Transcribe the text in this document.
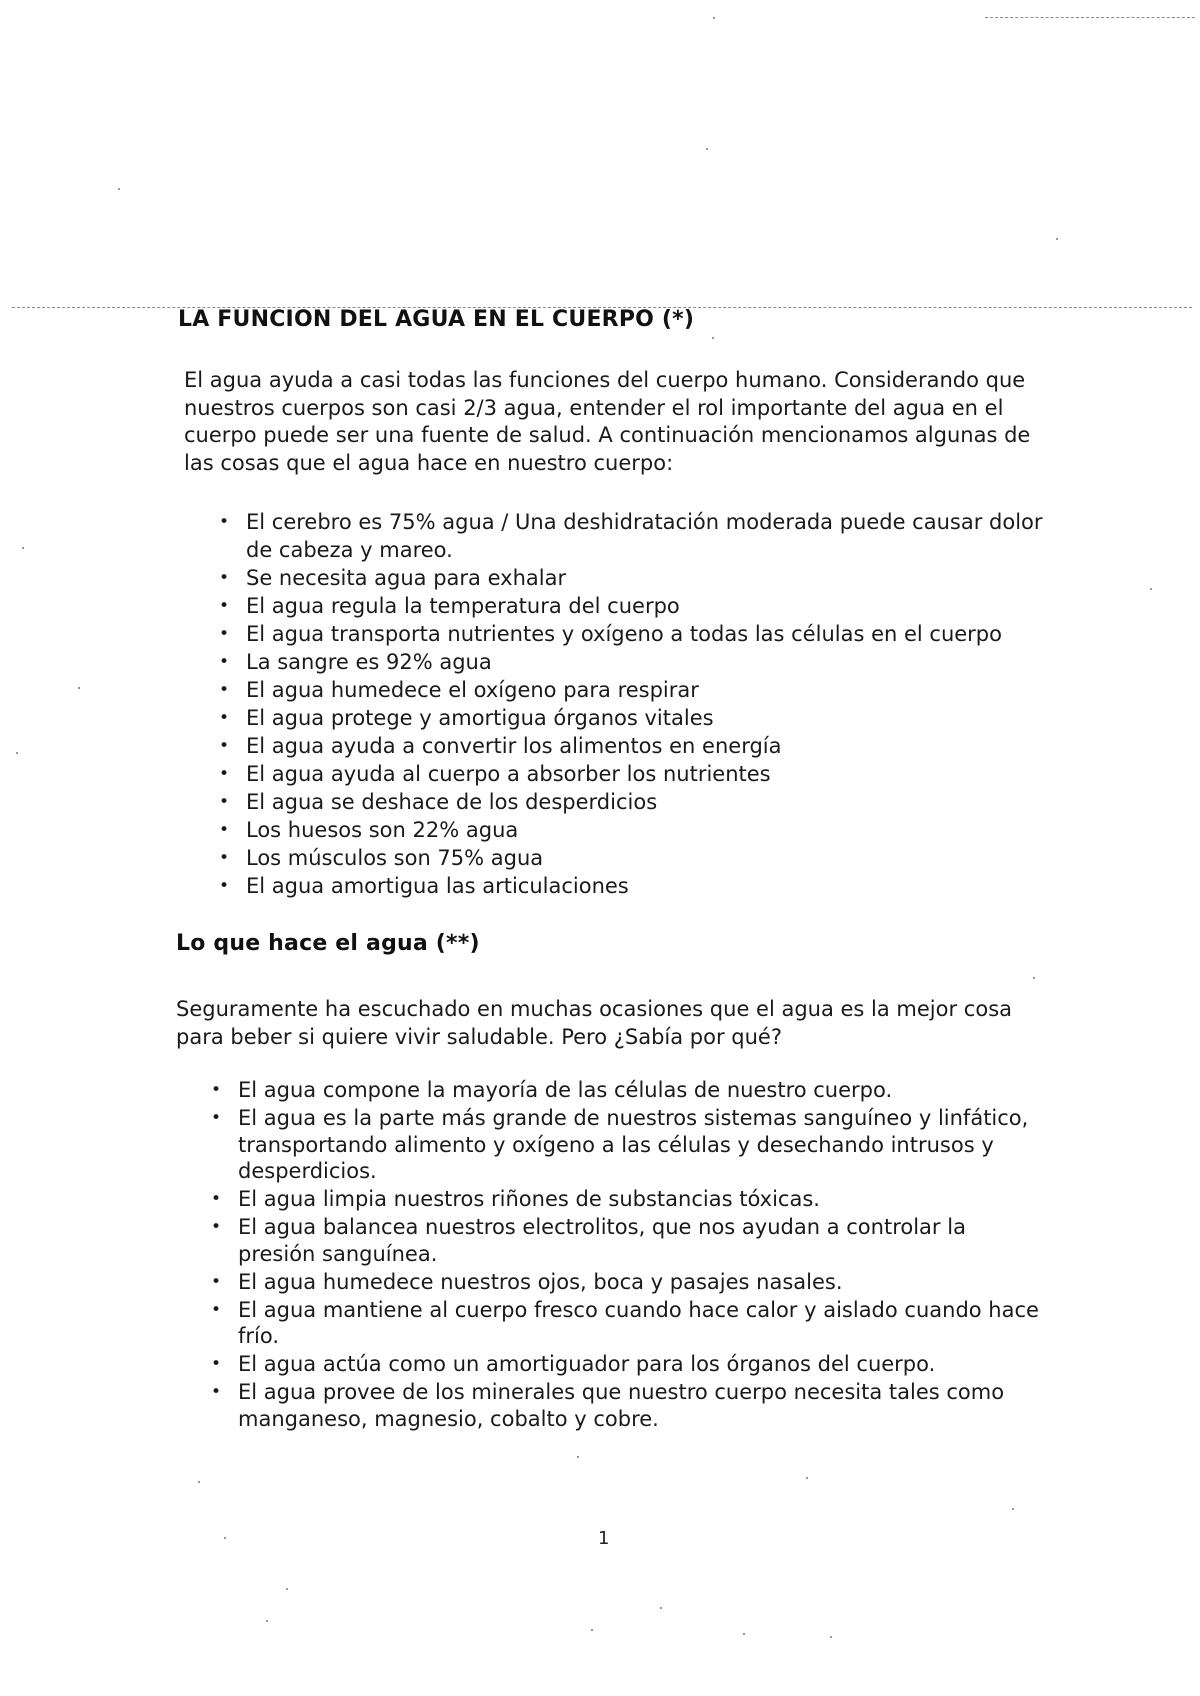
LA FUNCION DEL AGUA EN EL CUERPO (*)
El agua ayuda a casi todas las funciones del cuerpo humano. Considerando que
nuestros cuerpos son casi 2/3 agua, entender el rol importante del agua en el
cuerpo puede ser una fuente de salud. A continuación mencionamos algunas de
las cosas que el agua hace en nuestro cuerpo:
• El cerebro es 75% agua / Una deshidratación moderada puede causar dolor
de cabeza y mareo.
• Se necesita agua para exhalar
• El agua regula la temperatura del cuerpo
• El agua transporta nutrientes y oxígeno a todas las células en el cuerpo
• La sangre es 92% agua
• El agua humedece el oxígeno para respirar
• El agua protege y amortigua órganos vitales
• El agua ayuda a convertir los alimentos en energía
• El agua ayuda al cuerpo a absorber los nutrientes
• El agua se deshace de los desperdicios
• Los huesos son 22% agua
• Los músculos son 75% agua
• El agua amortigua las articulaciones
Lo que hace el agua (**)
Seguramente ha escuchado en muchas ocasiones que el agua es la mejor cosa
para beber si quiere vivir saludable. Pero ¿Sabía por qué?
• El agua compone la mayoría de las células de nuestro cuerpo.
• El agua es la parte más grande de nuestros sistemas sanguíneo y linfático,
transportando alimento y oxígeno a las células y desechando intrusos y
desperdicios.
• El agua limpia nuestros riñones de substancias tóxicas.
• El agua balancea nuestros electrolitos, que nos ayudan a controlar la
presión sanguínea.
• El agua humedece nuestros ojos, boca y pasajes nasales.
• El agua mantiene al cuerpo fresco cuando hace calor y aislado cuando hace
frío.
• El agua actúa como un amortiguador para los órganos del cuerpo.
• El agua provee de los minerales que nuestro cuerpo necesita tales como
manganeso, magnesio, cobalto y cobre.
1
